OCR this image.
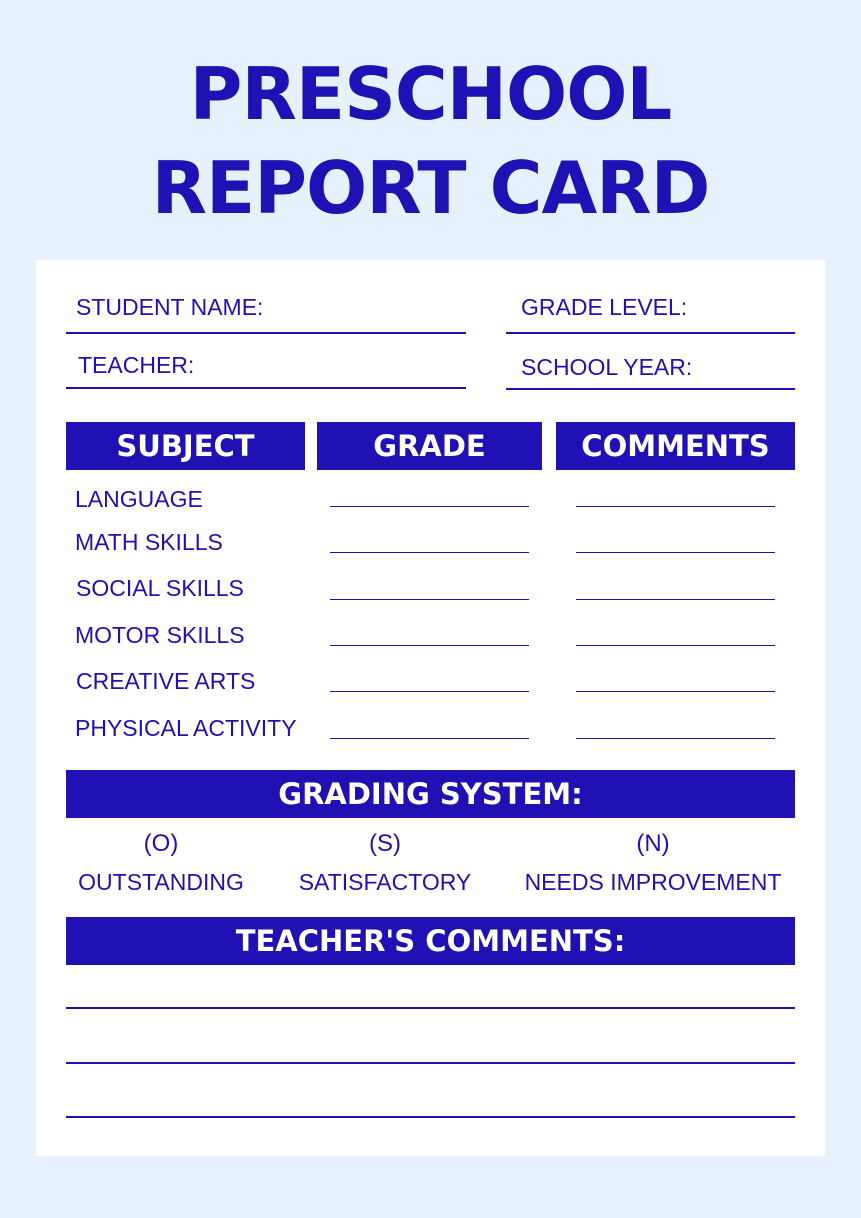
PRESCHOOL
REPORT CARD
STUDENT NAME:	GRADE LEVEL:
TEACHER:	SCHOOL YEAR:
SUBJECT	GRADE	COMMENTS
LANGUAGE
MATH SKILLS
SOCIAL SKILLS
MOTOR SKILLS
CREATIVE ARTS
PHYSICAL ACTIVITY
GRADING SYSTEM:
(O)	(S)	(N)
OUTSTANDING	SATISFACTORY	NEEDS IMPROVEMENT
TEACHER'S COMMENTS:
